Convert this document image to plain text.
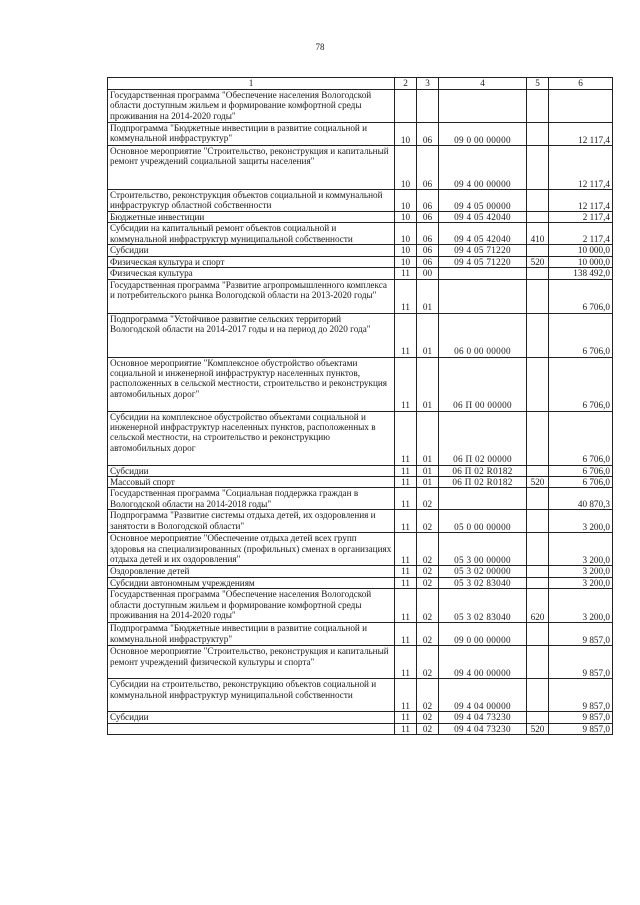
78
1	2	3	4	5	6
Государственная программа "Обеспечение населения Вологодской области доступным жильем и формирование комфортной среды проживания на 2014-2020 годы"					
Подпрограмма "Бюджетные инвестиции в развитие социальной и коммунальной инфраструктур"	10	06	09 0 00 00000		12 117,4
Основное мероприятие "Строительство, реконструкция и капитальный ремонт учреждений социальной защиты населения"	10	06	09 4 00 00000		12 117,4
Строительство, реконструкция объектов социальной и коммунальной инфраструктур областной собственности	10	06	09 4 05 00000		12 117,4
Бюджетные инвестиции	10	06	09 4 05 42040		2 117,4
Субсидии на капитальный ремонт объектов социальной и коммунальной инфраструктур муниципальной собственности	10	06	09 4 05 42040	410	2 117,4
Субсидии	10	06	09 4 05 71220		10 000,0
Физическая культура и спорт	10	06	09 4 05 71220	520	10 000,0
Физическая культура	11	00			138 492,0
Государственная программа "Развитие агропромышленного комплекса и потребительского рынка Вологодской области на 2013-2020 годы"	11	01			6 706,0
Подпрограмма "Устойчивое развитие сельских территорий Вологодской области на 2014-2017 годы и на период до 2020 года"	11	01	06 0 00 00000		6 706,0
Основное мероприятие "Комплексное обустройство объектами социальной и инженерной инфраструктур населенных пунктов, расположенных в сельской местности, строительство и реконструкция автомобильных дорог"	11	01	06 П 00 00000		6 706,0
Субсидии на комплексное обустройство объектами социальной и инженерной инфраструктур населенных пунктов, расположенных в сельской местности, на строительство и реконструкцию автомобильных дорог	11	01	06 П 02 00000		6 706,0
Субсидии	11	01	06 П 02 R0182		6 706,0
Массовый спорт	11	01	06 П 02 R0182	520	6 706,0
Государственная программа "Социальная поддержка граждан в Вологодской области на 2014-2018 годы"	11	02			40 870,3
Подпрограмма "Развитие системы отдыха детей, их оздоровления и занятости в Вологодской области"	11	02	05 0 00 00000		3 200,0
Основное мероприятие "Обеспечение отдыха детей всех групп здоровья на специализированных (профильных) сменах в организациях отдыха детей и их оздоровления"	11	02	05 3 00 00000		3 200,0
Оздоровление детей	11	02	05 3 02 00000		3 200,0
Субсидии автономным учреждениям	11	02	05 3 02 83040		3 200,0
Государственная программа "Обеспечение населения Вологодской области доступным жильем и формирование комфортной среды проживания на 2014-2020 годы"	11	02	05 3 02 83040	620	3 200,0
Подпрограмма "Бюджетные инвестиции в развитие социальной и коммунальной инфраструктур"	11	02	09 0 00 00000		9 857,0
Основное мероприятие "Строительство, реконструкция и капитальный ремонт учреждений физической культуры и спорта"	11	02	09 4 00 00000		9 857,0
Субсидии на строительство, реконструкцию объектов социальной и коммунальной инфраструктур муниципальной собственности	11	02	09 4 04 00000		9 857,0
Субсидии	11	02	09 4 04 73230		9 857,0
	11	02	09 4 04 73230	520	9 857,0
